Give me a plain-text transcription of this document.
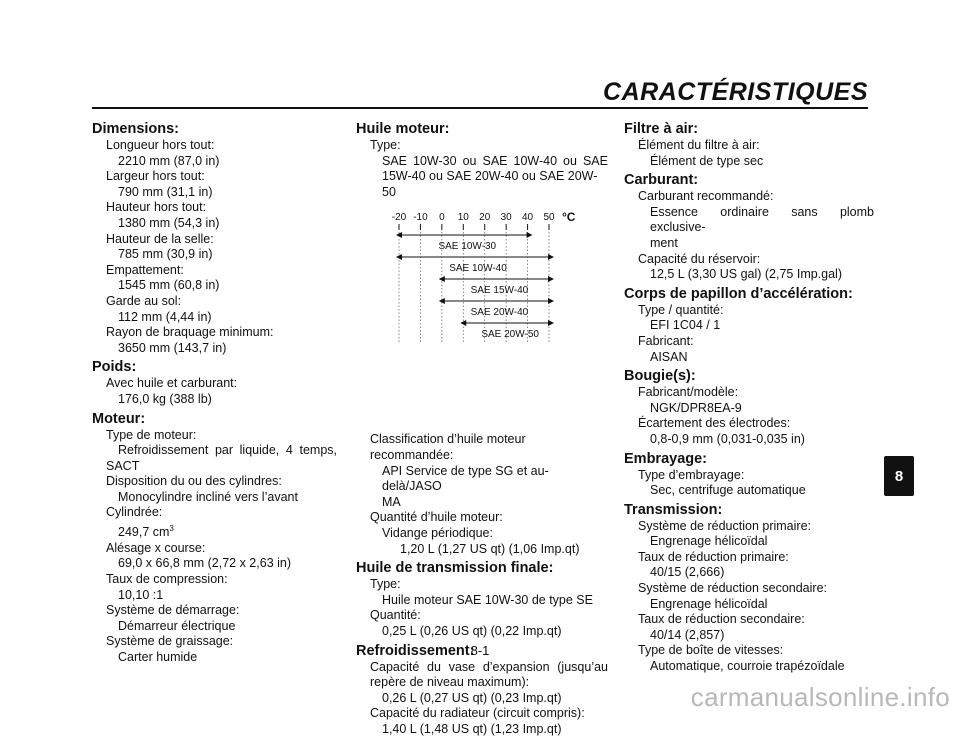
CARACTÉRISTIQUES
Dimensions:
Longueur hors tout:
2210 mm (87,0 in)
Largeur hors tout:
790 mm (31,1 in)
Hauteur hors tout:
1380 mm (54,3 in)
Hauteur de la selle:
785 mm (30,9 in)
Empattement:
1545 mm (60,8 in)
Garde au sol:
112 mm (4,44 in)
Rayon de braquage minimum:
3650 mm (143,7 in)
Poids:
Avec huile et carburant:
176,0 kg (388 lb)
Moteur:
Type de moteur:
Refroidissement par liquide, 4 temps,
SACT
Disposition du ou des cylindres:
Monocylindre incliné vers l’avant
Cylindrée:
249,7 $cm^3$
Alésage x course:
69,0 x 66,8 mm (2,72 x 2,63 in)
Taux de compression:
10,10 :1
Système de démarrage:
Démarreur électrique
Système de graissage:
Carter humide
Huile moteur:
Type:
SAE 10W-30 ou SAE 10W-40 ou SAE
15W-40 ou SAE 20W-40 ou SAE 20W-50
Classification d’huile moteur recommandée:
API Service de type SG et au-delà/JASO
MA
Quantité d’huile moteur:
Vidange périodique:
1,20 L (1,27 US qt) (1,06 Imp.qt)
Huile de transmission finale:
Type:
Huile moteur SAE 10W-30 de type SE
Quantité:
0,25 L (0,26 US qt) (0,22 Imp.qt)
Refroidissement:
Capacité du vase d’expansion (jusqu’au
repère de niveau maximum):
0,26 L (0,27 US qt) (0,23 Imp.qt)
Capacité du radiateur (circuit compris):
1,40 L (1,48 US qt) (1,23 Imp.qt)
Filtre à air:
Élément du filtre à air:
Élément de type sec
Carburant:
Carburant recommandé:
Essence ordinaire sans plomb exclusive-
ment
Capacité du réservoir:
12,5 L (3,30 US gal) (2,75 Imp.gal)
Corps de papillon d’accélération:
Type / quantité:
EFI 1C04 / 1
Fabricant:
AISAN
Bougie(s):
Fabricant/modèle:
NGK/DPR8EA-9
Écartement des électrodes:
0,8-0,9 mm (0,031-0,035 in)
Embrayage:
Type d’embrayage:
Sec, centrifuge automatique
Transmission:
Système de réduction primaire:
Engrenage hélicoïdal
Taux de réduction primaire:
40/15 (2,666)
Système de réduction secondaire:
Engrenage hélicoïdal
Taux de réduction secondaire:
40/14 (2,857)
Type de boîte de vitesses:
Automatique, courroie trapézoïdale
-20 -10 0 10 20 30 40 50 °C
SAE 10W-30
SAE 10W-40
SAE 15W-40
SAE 20W-40
SAE 20W-50
8-1
8
carmanualsonline.info
